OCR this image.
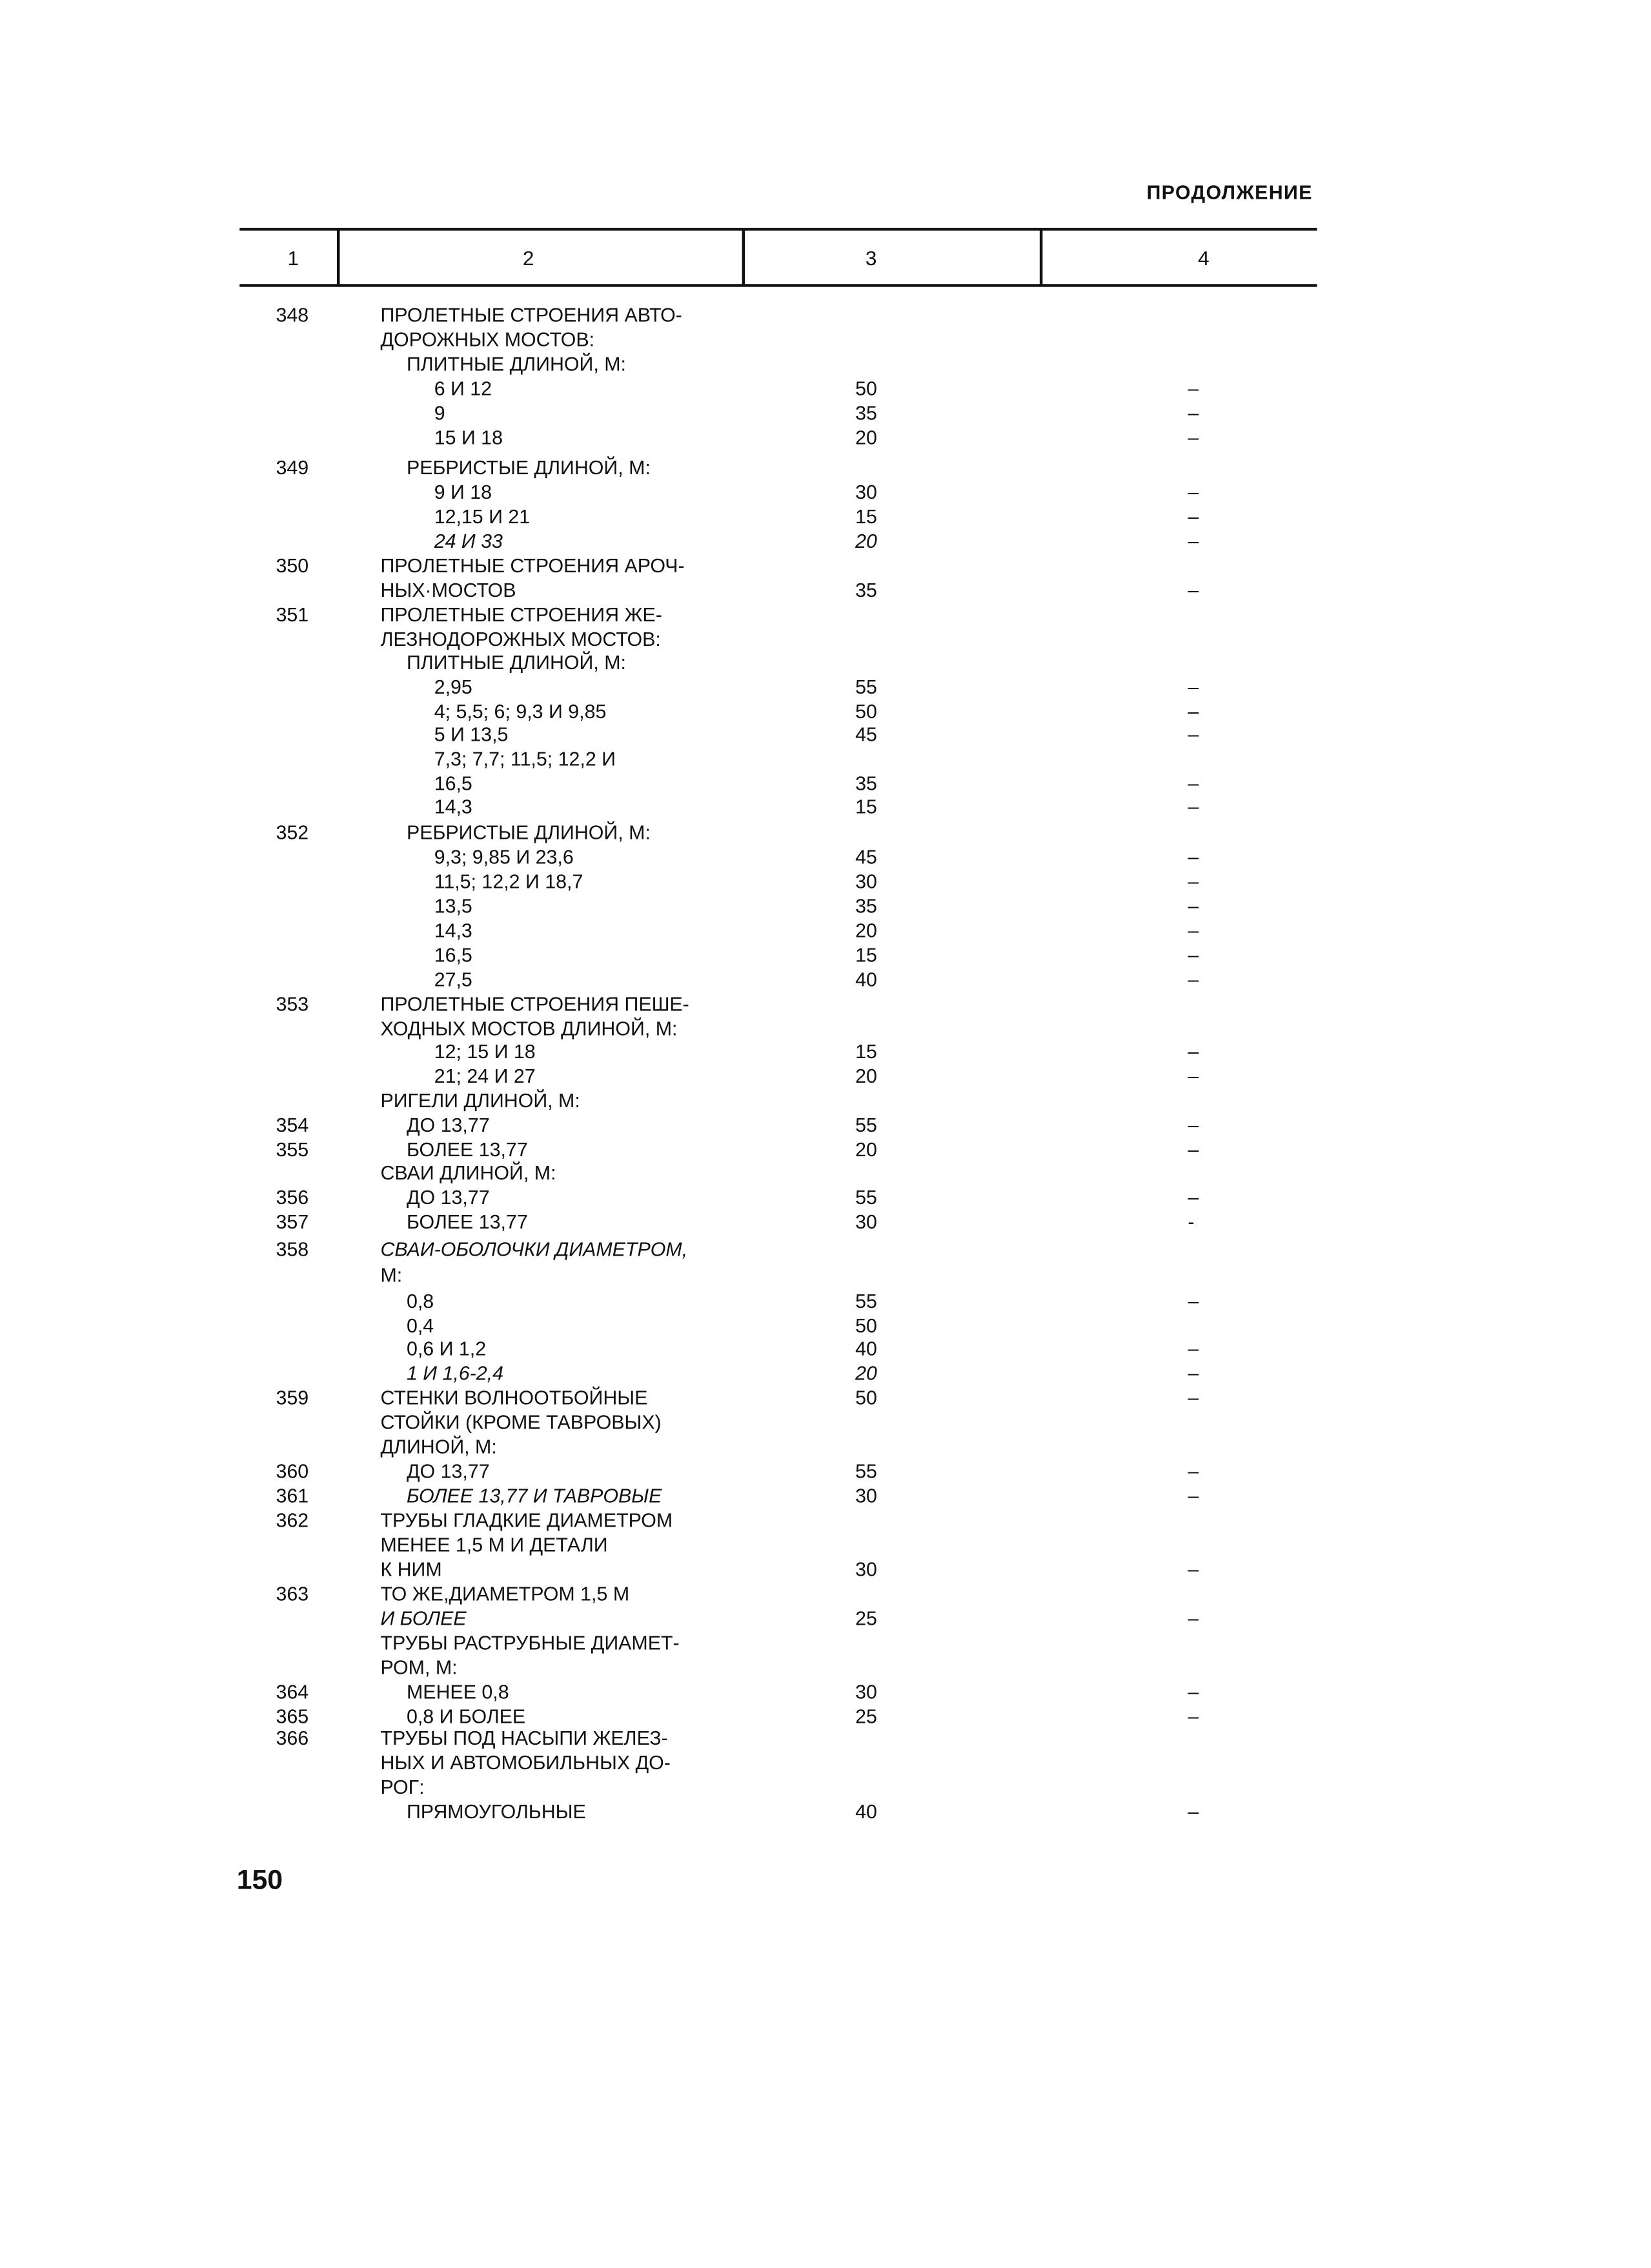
ПРОДОЛЖЕНИЕ
1	2	3	4
348	ПРОЛЕТНЫЕ СТРОЕНИЯ АВТО-
ДОРОЖНЫХ МОСТОВ:
ПЛИТНЫЕ ДЛИНОЙ, М:
6 И 12	50	–
9	35	–
15 И 18	20	–
349	РЕБРИСТЫЕ ДЛИНОЙ, М:
9 И 18	30	–
12,15 И 21	15	–
24 И 33	20	–
350	ПРОЛЕТНЫЕ СТРОЕНИЯ АРОЧ-
НЫХ·МОСТОВ	35	–
351	ПРОЛЕТНЫЕ СТРОЕНИЯ ЖЕ-
ЛЕЗНОДОРОЖНЫХ МОСТОВ:
ПЛИТНЫЕ ДЛИНОЙ, М:
2,95	55	–
4; 5,5; 6; 9,3 И 9,85	50	–
5 И 13,5	45	–
7,3; 7,7; 11,5; 12,2 И
16,5	35	–
14,3	15	–
352	РЕБРИСТЫЕ ДЛИНОЙ, М:
9,3; 9,85 И 23,6	45	–
11,5; 12,2 И 18,7	30	–
13,5	35	–
14,3	20	–
16,5	15	–
27,5	40	–
353	ПРОЛЕТНЫЕ СТРОЕНИЯ ПЕШЕ-
ХОДНЫХ МОСТОВ ДЛИНОЙ, М:
12; 15 И 18	15	–
21; 24 И 27	20	–
РИГЕЛИ ДЛИНОЙ, М:
354	ДО 13,77	55	–
355	БОЛЕЕ 13,77	20	–
СВАИ ДЛИНОЙ, М:
356	ДО 13,77	55	–
357	БОЛЕЕ 13,77	30	-
358	СВАИ-ОБОЛОЧКИ ДИАМЕТРОМ,
М:
0,8	55	–
0,4	50
0,6 И 1,2	40	–
1 И 1,6-2,4	20	–
359	СТЕНКИ ВОЛНООТБОЙНЫЕ	50	–
СТОЙКИ (КРОМЕ ТАВРОВЫХ)
ДЛИНОЙ, М:
360	ДО 13,77	55	–
361	БОЛЕЕ 13,77 И ТАВРОВЫЕ	30	–
362	ТРУБЫ ГЛАДКИЕ ДИАМЕТРОМ
МЕНЕЕ 1,5 М И ДЕТАЛИ
К НИМ	30	–
363	ТО ЖЕ,ДИАМЕТРОМ 1,5 М
И БОЛЕЕ	25	–
ТРУБЫ РАСТРУБНЫЕ ДИАМЕТ-
РОМ, М:
364	МЕНЕЕ 0,8	30	–
365	0,8 И БОЛЕЕ	25	–
366	ТРУБЫ ПОД НАСЫПИ ЖЕЛЕЗ-
НЫХ И АВТОМОБИЛЬНЫХ ДО-
РОГ:
ПРЯМОУГОЛЬНЫЕ	40	–
150
